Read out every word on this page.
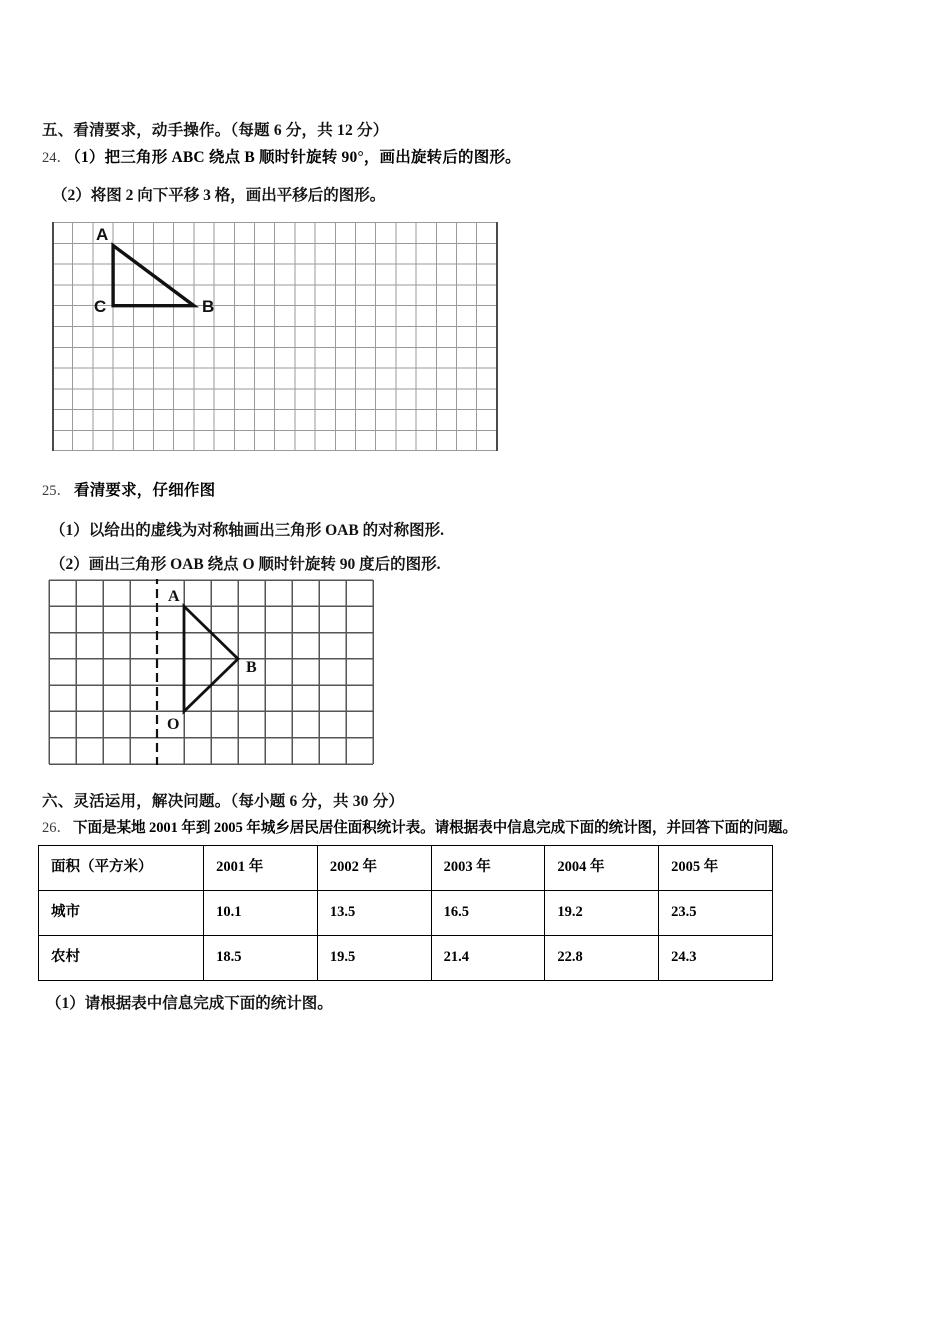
五、看清要求，动手操作。（每题 6 分，共 12 分）
24． （1）把三角形 ABC 绕点 B 顺时针旋转 90°，画出旋转后的图形。
（2）将图 2 向下平移 3 格，画出平移后的图形。
A
C	B
25． 看清要求，仔细作图
（1）以给出的虚线为对称轴画出三角形 OAB 的对称图形.
（2）画出三角形 OAB 绕点 O 顺时针旋转 90 度后的图形.
A
B
O
六、灵活运用，解决问题。（每小题 6 分，共 30 分）
26． 下面是某地 2001 年到 2005 年城乡居民居住面积统计表。请根据表中信息完成下面的统计图，并回答下面的问题。
面积（平方米）	2001 年	2002 年	2003 年	2004 年	2005 年
城市	10.1	13.5	16.5	19.2	23.5
农村	18.5	19.5	21.4	22.8	24.3
（1）请根据表中信息完成下面的统计图。
